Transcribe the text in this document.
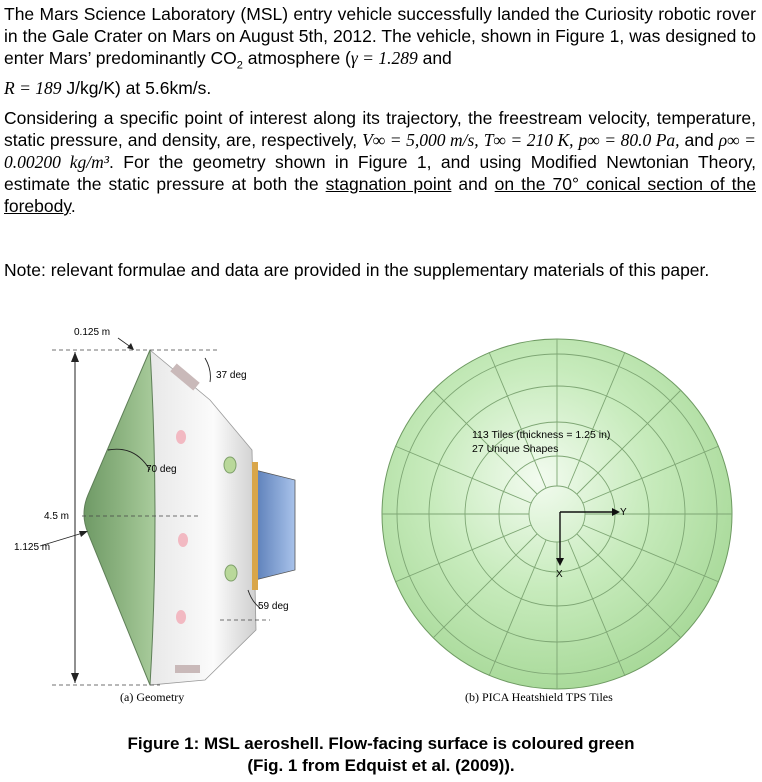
The Mars Science Laboratory (MSL) entry vehicle successfully landed the Curiosity robotic rover in the Gale Crater on Mars on August 5th, 2012. The vehicle, shown in Figure 1, was designed to enter Mars’ predominantly $CO_2$ atmosphere (γ = 1.289 and
R = 189 J/kg/K) at 5.6km/s.

Considering a specific point of interest along its trajectory, the freestream velocity, temperature, static pressure, and density, are, respectively, V∞ = 5,000 m/s, T∞ = 210 K, p∞ = 80.0 Pa, and ρ∞ = 0.00200 kg/m³. For the geometry shown in Figure 1, and using Modified Newtonian Theory, estimate the static pressure at both the stagnation point and on the 70° conical section of the forebody.

Note: relevant formulae and data are provided in the supplementary materials of this paper.

0.125 m
37 deg
70 deg
4.5 m
1.125 m
59 deg
(a) Geometry
Y
X
113 Tiles (thickness = 1.25 in)
27 Unique Shapes
(b) PICA Heatshield TPS Tiles
Figure 1: MSL aeroshell. Flow-facing surface is coloured green
(Fig. 1 from Edquist et al. (2009)).
